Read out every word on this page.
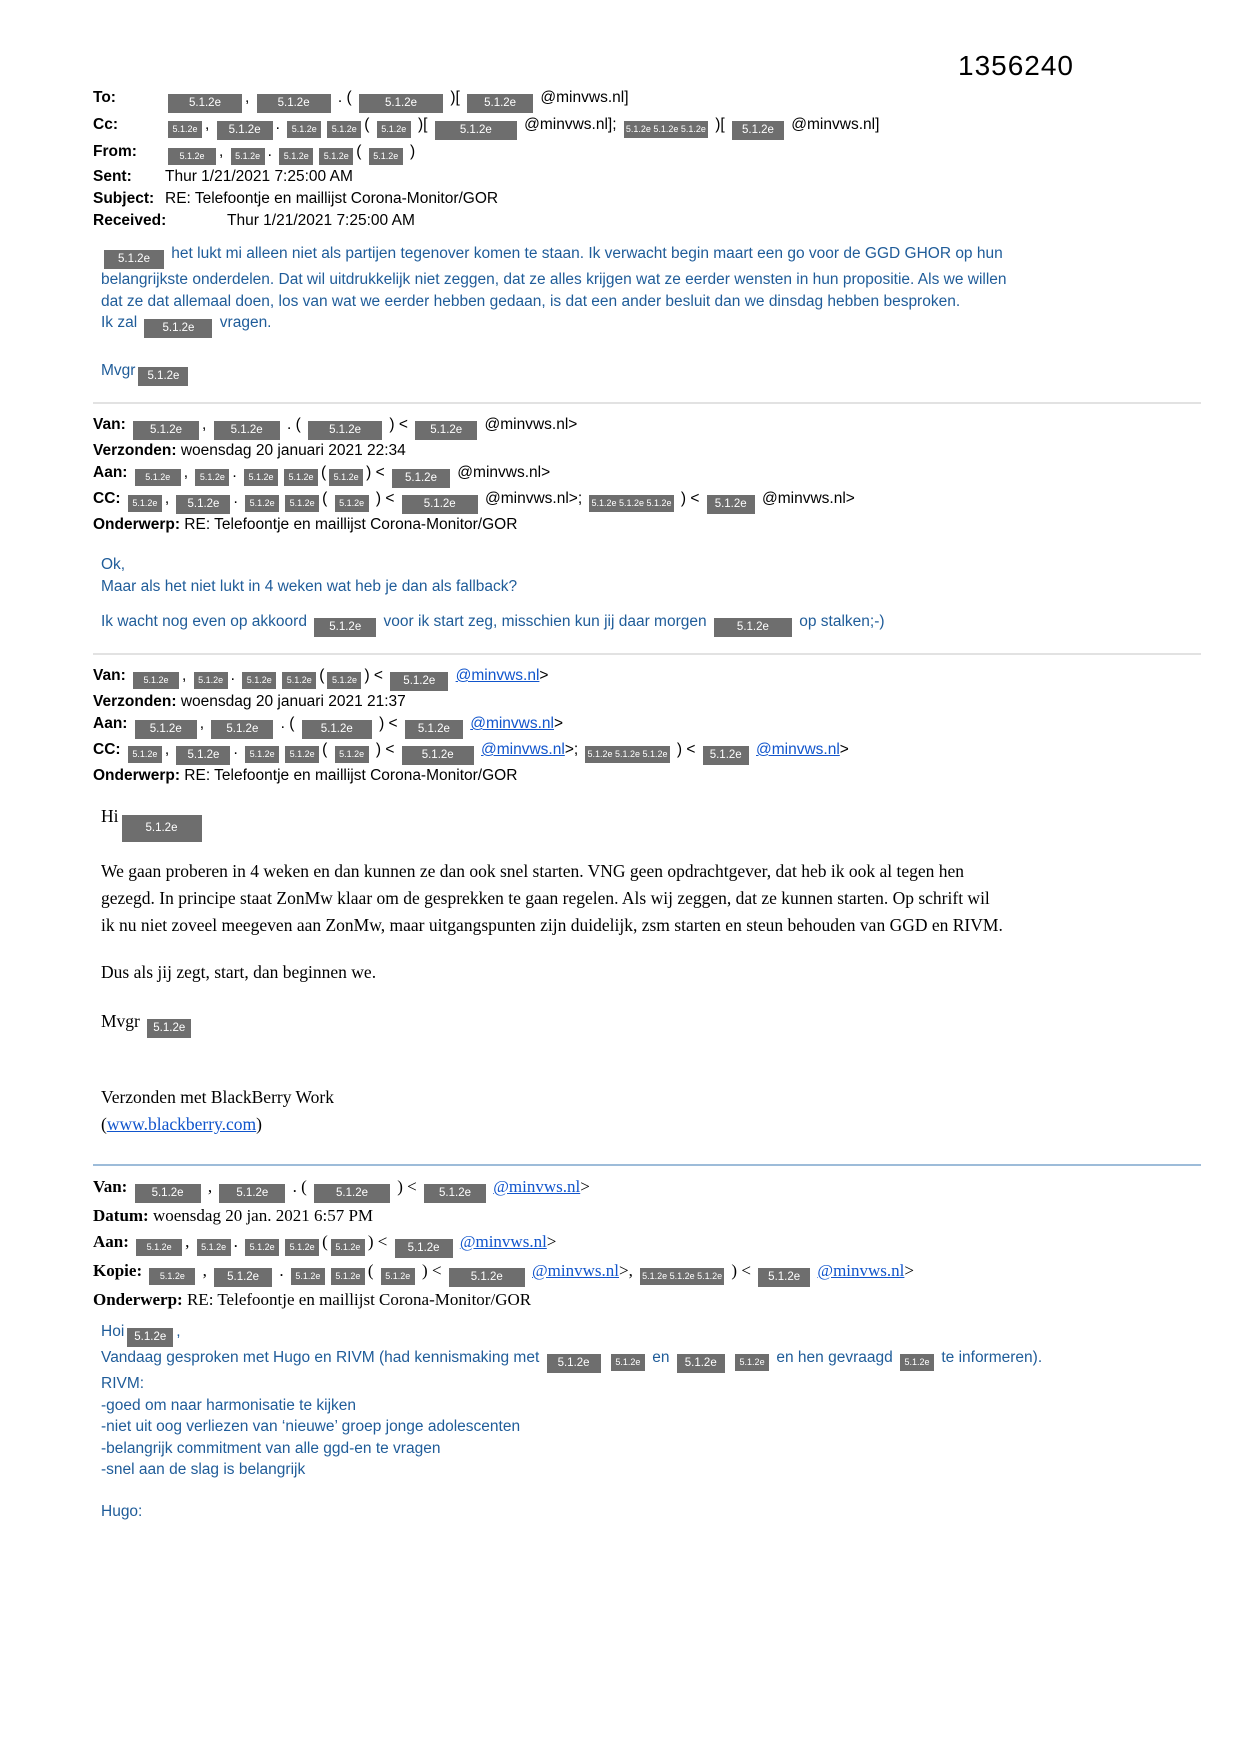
1356240
To:	5.1.2e , 5.1.2e . (	5.1.2e )[ 5.1.2e @minvws.nl]
Cc:	5.1.2e , 5.1.2e . 5.1.2e 5.1.2e ( 5.1.2e )[ 5.1.2e @minvws.nl]; 5.1.2e 5.1.2e 5.1.2e )[ 5.1.2e @minvws.nl]
From:	5.1.2e , 5.1.2e . 5.1.2e 5.1.2e ( 5.1.2e )
Sent: Thur 1/21/2021 7:25:00 AM
Subject: RE: Telefoontje en maillijst Corona-Monitor/GOR
Received:	Thur 1/21/2021 7:25:00 AM
5.1.2e het lukt mi alleen niet als partijen tegenover komen te staan. Ik verwacht begin maart een go voor de GGD GHOR op hun belangrijkste onderdelen. Dat wil uitdrukkelijk niet zeggen, dat ze alles krijgen wat ze eerder wensten in hun propositie. Als we willen dat ze dat allemaal doen, los van wat we eerder hebben gedaan, is dat een ander besluit dan we dinsdag hebben besproken.
Ik zal 5.1.2e vragen.
Mvgr 5.1.2e
Van: 5.1.2e , 5.1.2e . ( 5.1.2e ) < 5.1.2e @minvws.nl>
Verzonden: woensdag 20 januari 2021 22:34
Aan: 5.1.2e , 5.1.2e . 5.1.2e 5.1.2e ( 5.1.2e ) < 5.1.2e @minvws.nl>
CC: 5.1.2e , 5.1.2e . 5.1.2e 5.1.2e ( 5.1.2e ) < 5.1.2e @minvws.nl>; 5.1.2e 5.1.2e 5.1.2e ) < 5.1.2e @minvws.nl>
Onderwerp: RE: Telefoontje en maillijst Corona-Monitor/GOR
Ok,
Maar als het niet lukt in 4 weken wat heb je dan als fallback?
Ik wacht nog even op akkoord 5.1.2e voor ik start zeg, misschien kun jij daar morgen 5.1.2e op stalken;-)
Van: 5.1.2e , 5.1.2e . 5.1.2e 5.1.2e ( 5.1.2e ) < 5.1.2e @minvws.nl>
Verzonden: woensdag 20 januari 2021 21:37
Aan: 5.1.2e , 5.1.2e . ( 5.1.2e ) < 5.1.2e @minvws.nl>
CC: 5.1.2e , 5.1.2e . 5.1.2e 5.1.2e ( 5.1.2e ) < 5.1.2e @minvws.nl>; 5.1.2e 5.1.2e 5.1.2e ) < 5.1.2e @minvws.nl>
Onderwerp: RE: Telefoontje en maillijst Corona-Monitor/GOR
Hi5.1.2e
We gaan proberen in 4 weken en dan kunnen ze dan ook snel starten. VNG geen opdrachtgever, dat heb ik ook al tegen hen gezegd. In principe staat ZonMw klaar om de gesprekken te gaan regelen. Als wij zeggen, dat ze kunnen starten. Op schrift wil ik nu niet zoveel meegeven aan ZonMw, maar uitgangspunten zijn duidelijk, zsm starten en steun behouden van GGD en RIVM.
Dus als jij zegt, start, dan beginnen we.
Mvgr 5.1.2e
Verzonden met BlackBerry Work
(www.blackberry.com)
Van: 5.1.2e , 5.1.2e . ( 5.1.2e ) < 5.1.2e @minvws.nl>
Datum: woensdag 20 jan. 2021 6:57 PM
Aan: 5.1.2e , 5.1.2e . 5.1.2e 5.1.2e ( 5.1.2e ) < 5.1.2e @minvws.nl>
Kopie: 5.1.2e , 5.1.2e . 5.1.2e 5.1.2e ( 5.1.2e ) < 5.1.2e @minvws.nl>, 5.1.2e 5.1.2e 5.1.2e ) < 5.1.2e @minvws.nl>
Onderwerp: RE: Telefoontje en maillijst Corona-Monitor/GOR
Hoi 5.1.2e ,
Vandaag gesproken met Hugo en RIVM (had kennismaking met 5.1.2e	5.1.2e en 5.1.2e	5.1.2e en hen gevraagd 5.1.2e te informeren).
RIVM:
-goed om naar harmonisatie te kijken
-niet uit oog verliezen van ‘nieuwe’ groep jonge adolescenten
-belangrijk commitment van alle ggd-en te vragen
-snel aan de slag is belangrijk
Hugo:
